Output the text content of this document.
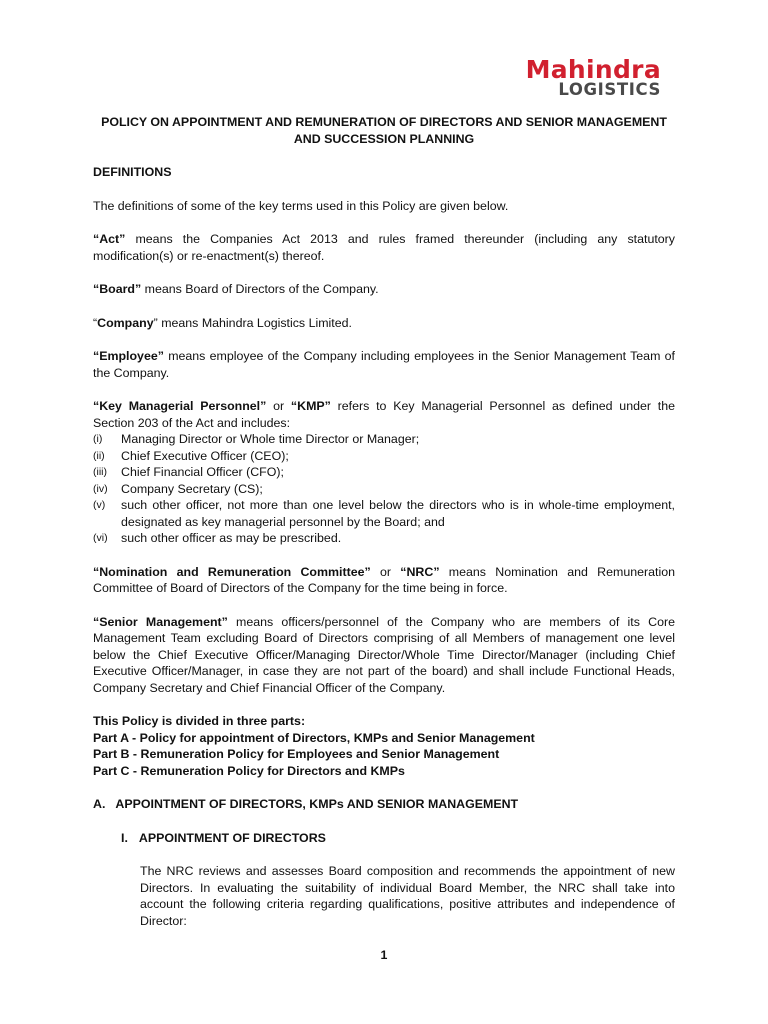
Mahindra
LOGISTICS

POLICY ON APPOINTMENT AND REMUNERATION OF DIRECTORS AND SENIOR MANAGEMENT AND SUCCESSION PLANNING

DEFINITIONS

The definitions of some of the key terms used in this Policy are given below.

“Act” means the Companies Act 2013 and rules framed thereunder (including any statutory modification(s) or re-enactment(s) thereof.

“Board” means Board of Directors of the Company.

“Company” means Mahindra Logistics Limited.

“Employee” means employee of the Company including employees in the Senior Management Team of the Company.

“Key Managerial Personnel” or “KMP” refers to Key Managerial Personnel as defined under the Section 203 of the Act and includes:

(i)	Managing Director or Whole time Director or Manager;
(ii)	Chief Executive Officer (CEO);
(iii)	Chief Financial Officer (CFO);
(iv)	Company Secretary (CS);
(v)	such other officer, not more than one level below the directors who is in whole-time employment, designated as key managerial personnel by the Board; and
(vi)	such other officer as may be prescribed.

“Nomination and Remuneration Committee” or “NRC” means Nomination and Remuneration Committee of Board of Directors of the Company for the time being in force.

“Senior Management” means officers/personnel of the Company who are members of its Core Management Team excluding Board of Directors comprising of all Members of management one level below the Chief Executive Officer/Managing Director/Whole Time Director/Manager (including Chief Executive Officer/Manager, in case they are not part of the board) and shall include Functional Heads, Company Secretary and Chief Financial Officer of the Company.

This Policy is divided in three parts:
Part A - Policy for appointment of Directors, KMPs and Senior Management
Part B - Remuneration Policy for Employees and Senior Management
Part C - Remuneration Policy for Directors and KMPs
A. APPOINTMENT OF DIRECTORS, KMPs AND SENIOR MANAGEMENT
I. APPOINTMENT OF DIRECTORS

The NRC reviews and assesses Board composition and recommends the appointment of new Directors. In evaluating the suitability of individual Board Member, the NRC shall take into account the following criteria regarding qualifications, positive attributes and independence of Director:

1
